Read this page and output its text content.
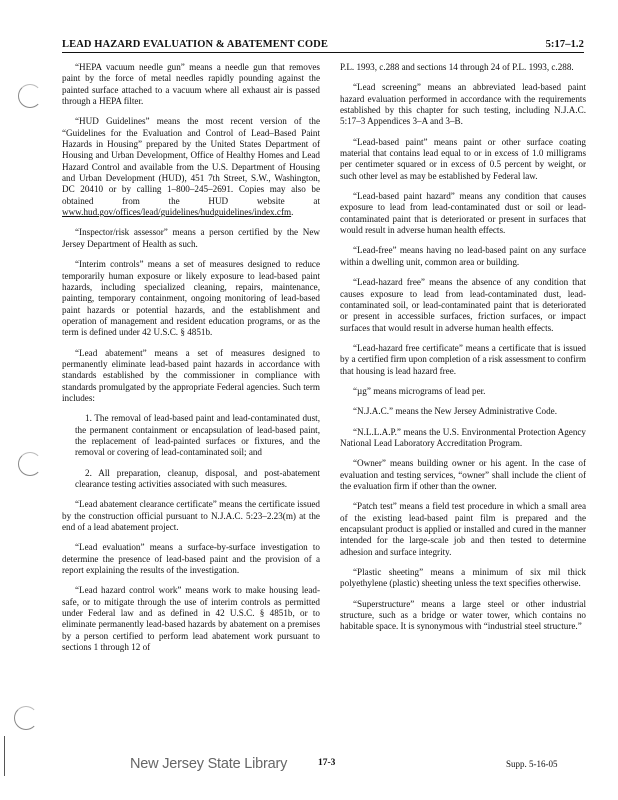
LEAD HAZARD EVALUATION & ABATEMENT CODE	5:17–1.2

“HEPA vacuum needle gun” means a needle gun that removes paint by the force of metal needles rapidly pounding against the painted surface attached to a vacuum where all exhaust air is passed through a HEPA filter.

“HUD Guidelines” means the most recent version of the “Guidelines for the Evaluation and Control of Lead–Based Paint Hazards in Housing” prepared by the United States Department of Housing and Urban Development, Office of Healthy Homes and Lead Hazard Control and available from the U.S. Department of Housing and Urban Development (HUD), 451 7th Street, S.W., Washington, DC 20410 or by calling 1–800–245–2691. Copies may also be obtained from the HUD website at www.hud.gov/offices/lead/guidelines/hudguidelines/index.cfm.

“Inspector/risk assessor” means a person certified by the New Jersey Department of Health as such.

“Interim controls” means a set of measures designed to reduce temporarily human exposure or likely exposure to lead-based paint hazards, including specialized cleaning, repairs, maintenance, painting, temporary containment, ongoing monitoring of lead-based paint hazards or potential hazards, and the establishment and operation of management and resident education programs, or as the term is defined under 42 U.S.C. § 4851b.

“Lead abatement” means a set of measures designed to permanently eliminate lead-based paint hazards in accordance with standards established by the commissioner in compliance with standards promulgated by the appropriate Federal agencies. Such term includes:

1. The removal of lead-based paint and lead-contaminated dust, the permanent containment or encapsulation of lead-based paint, the replacement of lead-painted surfaces or fixtures, and the removal or covering of lead-contaminated soil; and

2. All preparation, cleanup, disposal, and post-abatement clearance testing activities associated with such measures.

“Lead abatement clearance certificate” means the certificate issued by the construction official pursuant to N.J.A.C. 5:23–2.23(m) at the end of a lead abatement project.

“Lead evaluation” means a surface-by-surface investigation to determine the presence of lead-based paint and the provision of a report explaining the results of the investigation.

“Lead hazard control work” means work to make housing lead-safe, or to mitigate through the use of interim controls as permitted under Federal law and as defined in 42 U.S.C. § 4851b, or to eliminate permanently lead-based hazards by abatement on a premises by a person certified to perform lead abatement work pursuant to sections 1 through 12 of

P.L. 1993, c.288 and sections 14 through 24 of P.L. 1993, c.288.

“Lead screening” means an abbreviated lead-based paint hazard evaluation performed in accordance with the requirements established by this chapter for such testing, including N.J.A.C. 5:17–3 Appendices 3–A and 3–B.

“Lead-based paint” means paint or other surface coating material that contains lead equal to or in excess of 1.0 milligrams per centimeter squared or in excess of 0.5 percent by weight, or such other level as may be established by Federal law.

“Lead-based paint hazard” means any condition that causes exposure to lead from lead-contaminated dust or soil or lead-contaminated paint that is deteriorated or present in surfaces that would result in adverse human health effects.

“Lead-free” means having no lead-based paint on any surface within a dwelling unit, common area or building.

“Lead-hazard free” means the absence of any condition that causes exposure to lead from lead-contaminated dust, lead-contaminated soil, or lead-contaminated paint that is deteriorated or present in accessible surfaces, friction surfaces, or impact surfaces that would result in adverse human health effects.

“Lead-hazard free certificate” means a certificate that is issued by a certified firm upon completion of a risk assessment to confirm that housing is lead hazard free.

“µg” means micrograms of lead per.

“N.J.A.C.” means the New Jersey Administrative Code.

“N.L.L.A.P.” means the U.S. Environmental Protection Agency National Lead Laboratory Accreditation Program.

“Owner” means building owner or his agent. In the case of evaluation and testing services, “owner” shall include the client of the evaluation firm if other than the owner.

“Patch test” means a field test procedure in which a small area of the existing lead-based paint film is prepared and the encapsulant product is applied or installed and cured in the manner intended for the large-scale job and then tested to determine adhesion and surface integrity.

“Plastic sheeting” means a minimum of six mil thick polyethylene (plastic) sheeting unless the text specifies otherwise.

“Superstructure” means a large steel or other industrial structure, such as a bridge or water tower, which contains no habitable space. It is synonymous with “industrial steel structure.”

New Jersey State Library	17-3	Supp. 5-16-05
